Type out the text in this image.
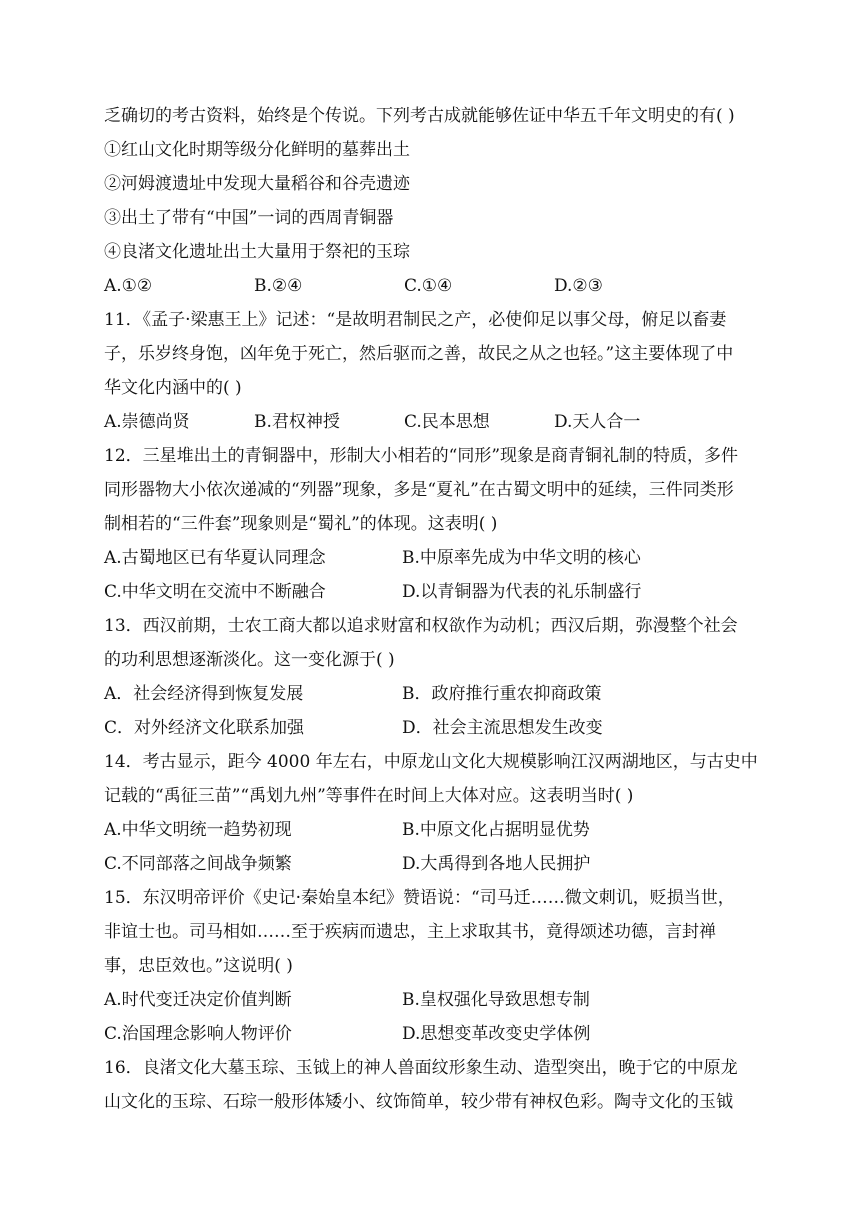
乏确切的考古资料，始终是个传说。下列考古成就能够佐证中华五千年文明史的有( )
①红山文化时期等级分化鲜明的墓葬出土
②河姆渡遗址中发现大量稻谷和谷壳遗迹
③出土了带有“中国”一词的西周青铜器
④良渚文化遗址出土大量用于祭祀的玉琮
A.①②	B.②④	C.①④	D.②③
11．《孟子·梁惠王上》记述：“是故明君制民之产，必使仰足以事父母，俯足以畜妻
子，乐岁终身饱，凶年免于死亡，然后驱而之善，故民之从之也轻。”这主要体现了中
华文化内涵中的( )
A.崇德尚贤	B.君权神授	C.民本思想	D.天人合一
12．三星堆出土的青铜器中，形制大小相若的“同形”现象是商青铜礼制的特质，多件
同形器物大小依次递减的“列器”现象，多是“夏礼”在古蜀文明中的延续，三件同类形
制相若的“三件套”现象则是“蜀礼”的体现。这表明( )
A.古蜀地区已有华夏认同理念	B.中原率先成为中华文明的核心
C.中华文明在交流中不断融合	D.以青铜器为代表的礼乐制盛行
13．西汉前期，士农工商大都以追求财富和权欲作为动机；西汉后期，弥漫整个社会
的功利思想逐渐淡化。这一变化源于( )
A．社会经济得到恢复发展	B．政府推行重农抑商政策
C．对外经济文化联系加强	D．社会主流思想发生改变
14．考古显示，距今 4000 年左右，中原龙山文化大规模影响江汉两湖地区，与古史中
记载的“禹征三苗”“禹划九州”等事件在时间上大体对应。这表明当时( )
A.中华文明统一趋势初现	B.中原文化占据明显优势
C.不同部落之间战争频繁	D.大禹得到各地人民拥护
15．东汉明帝评价《史记·秦始皇本纪》赞语说：“司马迁……微文刺讥，贬损当世，
非谊士也。司马相如……至于疾病而遗忠，主上求取其书，竟得颂述功德，言封禅
事，忠臣效也。”这说明( )
A.时代变迁决定价值判断	B.皇权强化导致思想专制
C.治国理念影响人物评价	D.思想变革改变史学体例
16．良渚文化大墓玉琮、玉钺上的神人兽面纹形象生动、造型突出，晚于它的中原龙
山文化的玉琮、石琮一般形体矮小、纹饰简单，较少带有神权色彩。陶寺文化的玉钺
